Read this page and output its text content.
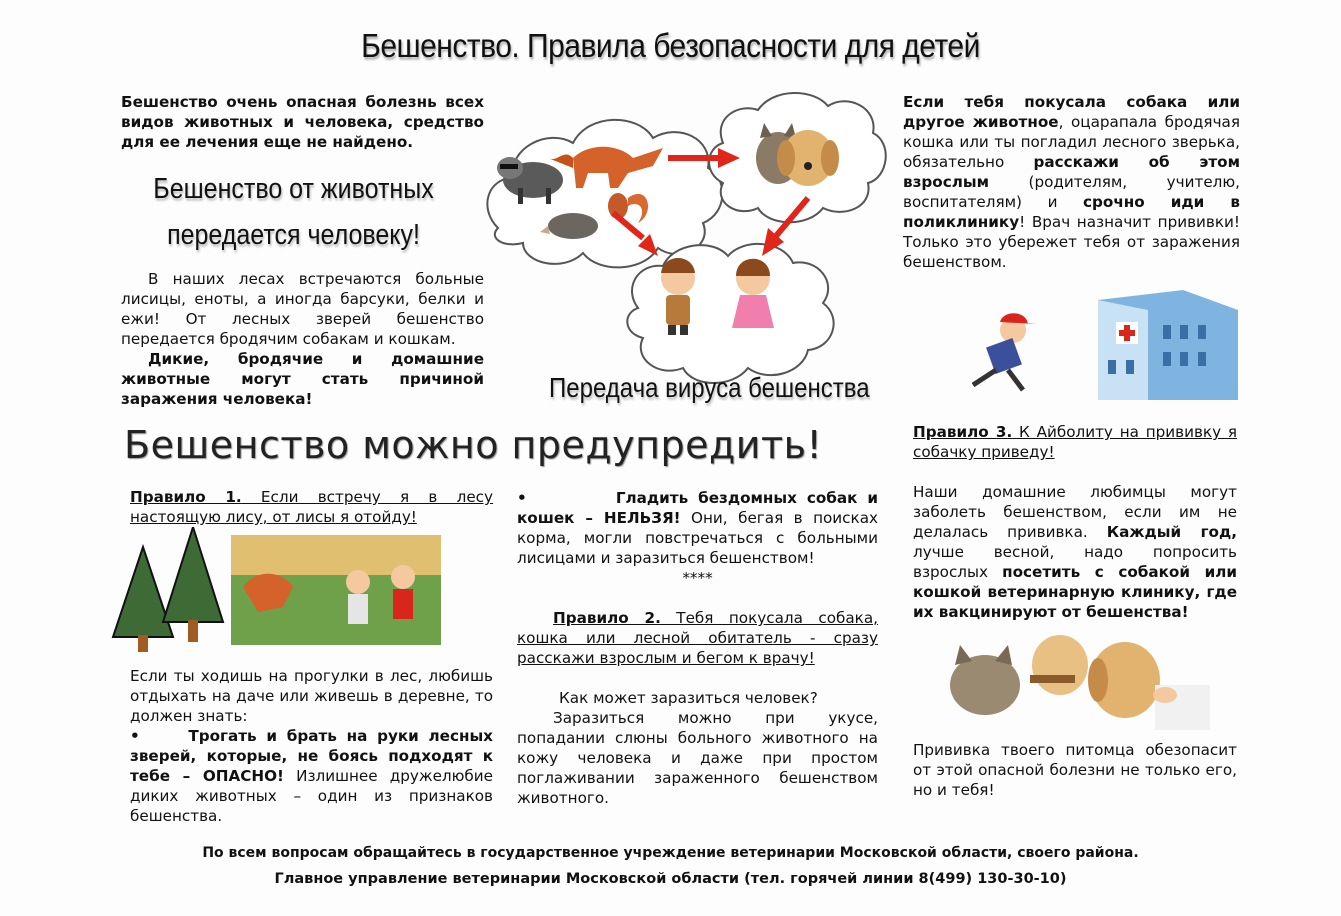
Бешенство. Правила безопасности для детей

Бешенство очень опасная болезнь всех видов животных и человека, средство для ее лечения еще не найдено.

Бешенство от животных
передается человеку!

В наших лесах встречаются больные лисицы, еноты, а иногда барсуки, белки и ежи! От лесных зверей бешенство передается бродячим собакам и кошкам.

Дикие, бродячие и домашние животные могут стать причиной заражения человека!	Передача вируса бешенства

Если тебя покусала собака или другое животное, оцарапала бродячая кошка или ты погладил лесного зверька, обязательно расскажи об этом взрослым (родителям, учителю, воспитателям) и срочно иди в поликлинику! Врач назначит прививки! Только это убережет тебя от заражения бешенством.

Бешенство можно предупредить!

Правило 1. Если встречу я в лесу настоящую лису, от лисы я отойду!

Если ты ходишь на прогулки в лес, любишь отдыхать на даче или живешь в деревне, то должен знать:

•     Трогать и брать на руки лесных зверей, которые, не боясь подходят к тебе – ОПАСНО! Излишнее дружелюбие диких животных – один из признаков бешенства.

•         Гладить бездомных собак и кошек – НЕЛЬЗЯ! Они, бегая в поисках корма, могли повстречаться с больными лисицами и заразиться бешенством!

****

Правило 2. Тебя покусала собака, кошка или лесной обитатель - сразу расскажи взрослым и бегом к врачу!

Как может заразиться человек?

Заразиться можно при укусе, попадании слюны больного животного на кожу человека и даже при простом поглаживании зараженного бешенством животного.

Правило 3. К Айболиту на прививку я собачку приведу!

Наши домашние любимцы могут заболеть бешенством, если им не делалась прививка. Каждый год, лучше весной, надо попросить взрослых посетить с собакой или кошкой ветеринарную клинику, где их вакцинируют от бешенства!

Прививка твоего питомца обезопасит от этой опасной болезни не только его, но и тебя!

По всем вопросам обращайтесь в государственное учреждение ветеринарии Московской области, своего района.
Главное управление ветеринарии Московской области (тел. горячей линии 8(499) 130-30-10)
